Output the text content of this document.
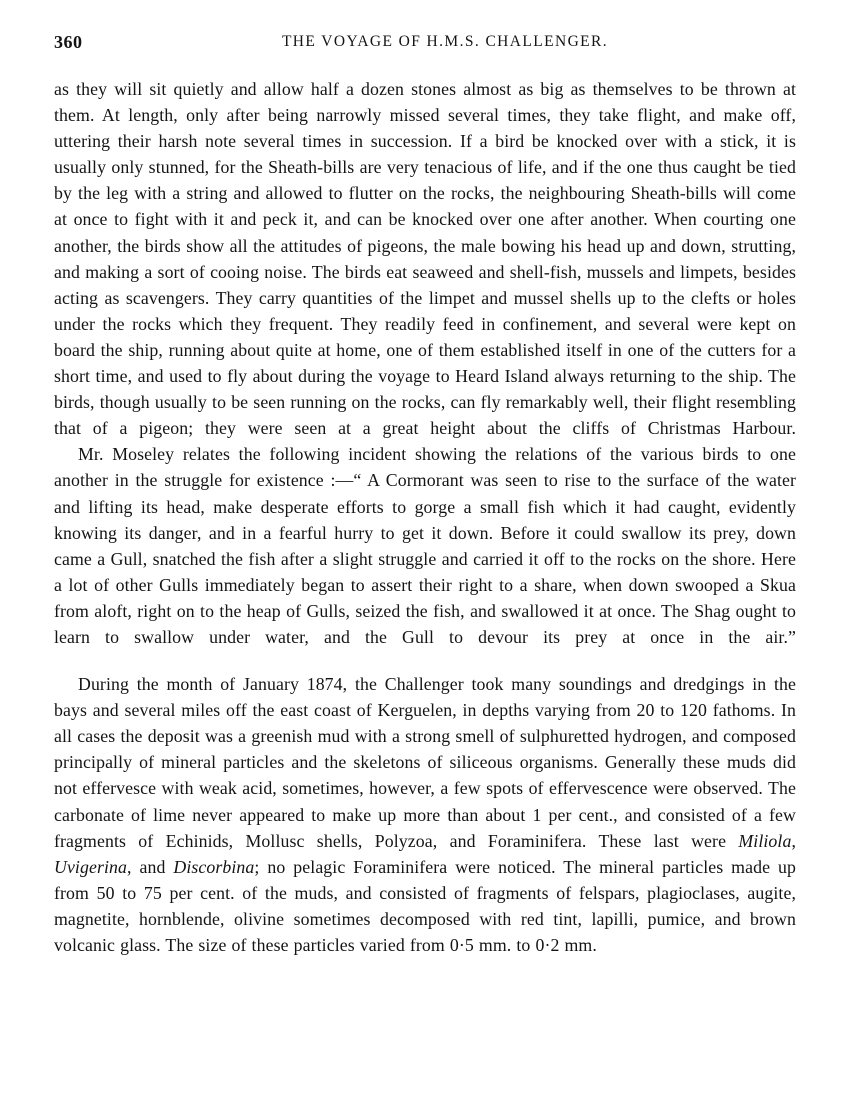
360	THE VOYAGE OF H.M.S. CHALLENGER.

as they will sit quietly and allow half a dozen stones almost as big as themselves to be thrown at them. At length, only after being narrowly missed several times, they take flight, and make off, uttering their harsh note several times in succession. If a bird be knocked over with a stick, it is usually only stunned, for the Sheath-bills are very tenacious of life, and if the one thus caught be tied by the leg with a string and allowed to flutter on the rocks, the neighbouring Sheath-bills will come at once to fight with it and peck it, and can be knocked over one after another. When courting one another, the birds show all the attitudes of pigeons, the male bowing his head up and down, strutting, and making a sort of cooing noise. The birds eat seaweed and shell-fish, mussels and limpets, besides acting as scavengers. They carry quantities of the limpet and mussel shells up to the clefts or holes under the rocks which they frequent. They readily feed in confinement, and several were kept on board the ship, running about quite at home, one of them established itself in one of the cutters for a short time, and used to fly about during the voyage to Heard Island always returning to the ship. The birds, though usually to be seen running on the rocks, can fly remarkably well, their flight resembling that of a pigeon; they were seen at a great height about the cliffs of Christmas Harbour.

Mr. Moseley relates the following incident showing the relations of the various birds to one another in the struggle for existence :—“ A Cormorant was seen to rise to the surface of the water and lifting its head, make desperate efforts to gorge a small fish which it had caught, evidently knowing its danger, and in a fearful hurry to get it down. Before it could swallow its prey, down came a Gull, snatched the fish after a slight struggle and carried it off to the rocks on the shore. Here a lot of other Gulls immediately began to assert their right to a share, when down swooped a Skua from aloft, right on to the heap of Gulls, seized the fish, and swallowed it at once. The Shag ought to learn to swallow under water, and the Gull to devour its prey at once in the air.”

During the month of January 1874, the Challenger took many soundings and dredgings in the bays and several miles off the east coast of Kerguelen, in depths varying from 20 to 120 fathoms. In all cases the deposit was a greenish mud with a strong smell of sulphuretted hydrogen, and composed principally of mineral particles and the skeletons of siliceous organisms. Generally these muds did not effervesce with weak acid, sometimes, however, a few spots of effervescence were observed. The carbonate of lime never appeared to make up more than about 1 per cent., and consisted of a few fragments of Echinids, Mollusc shells, Polyzoa, and Foraminifera. These last were Miliola, Uvigerina, and Discorbina; no pelagic Foraminifera were noticed. The mineral particles made up from 50 to 75 per cent. of the muds, and consisted of fragments of felspars, plagioclases, augite, magnetite, hornblende, olivine sometimes decomposed with red tint, lapilli, pumice, and brown volcanic glass. The size of these particles varied from 0·5 mm. to 0·2 mm.
